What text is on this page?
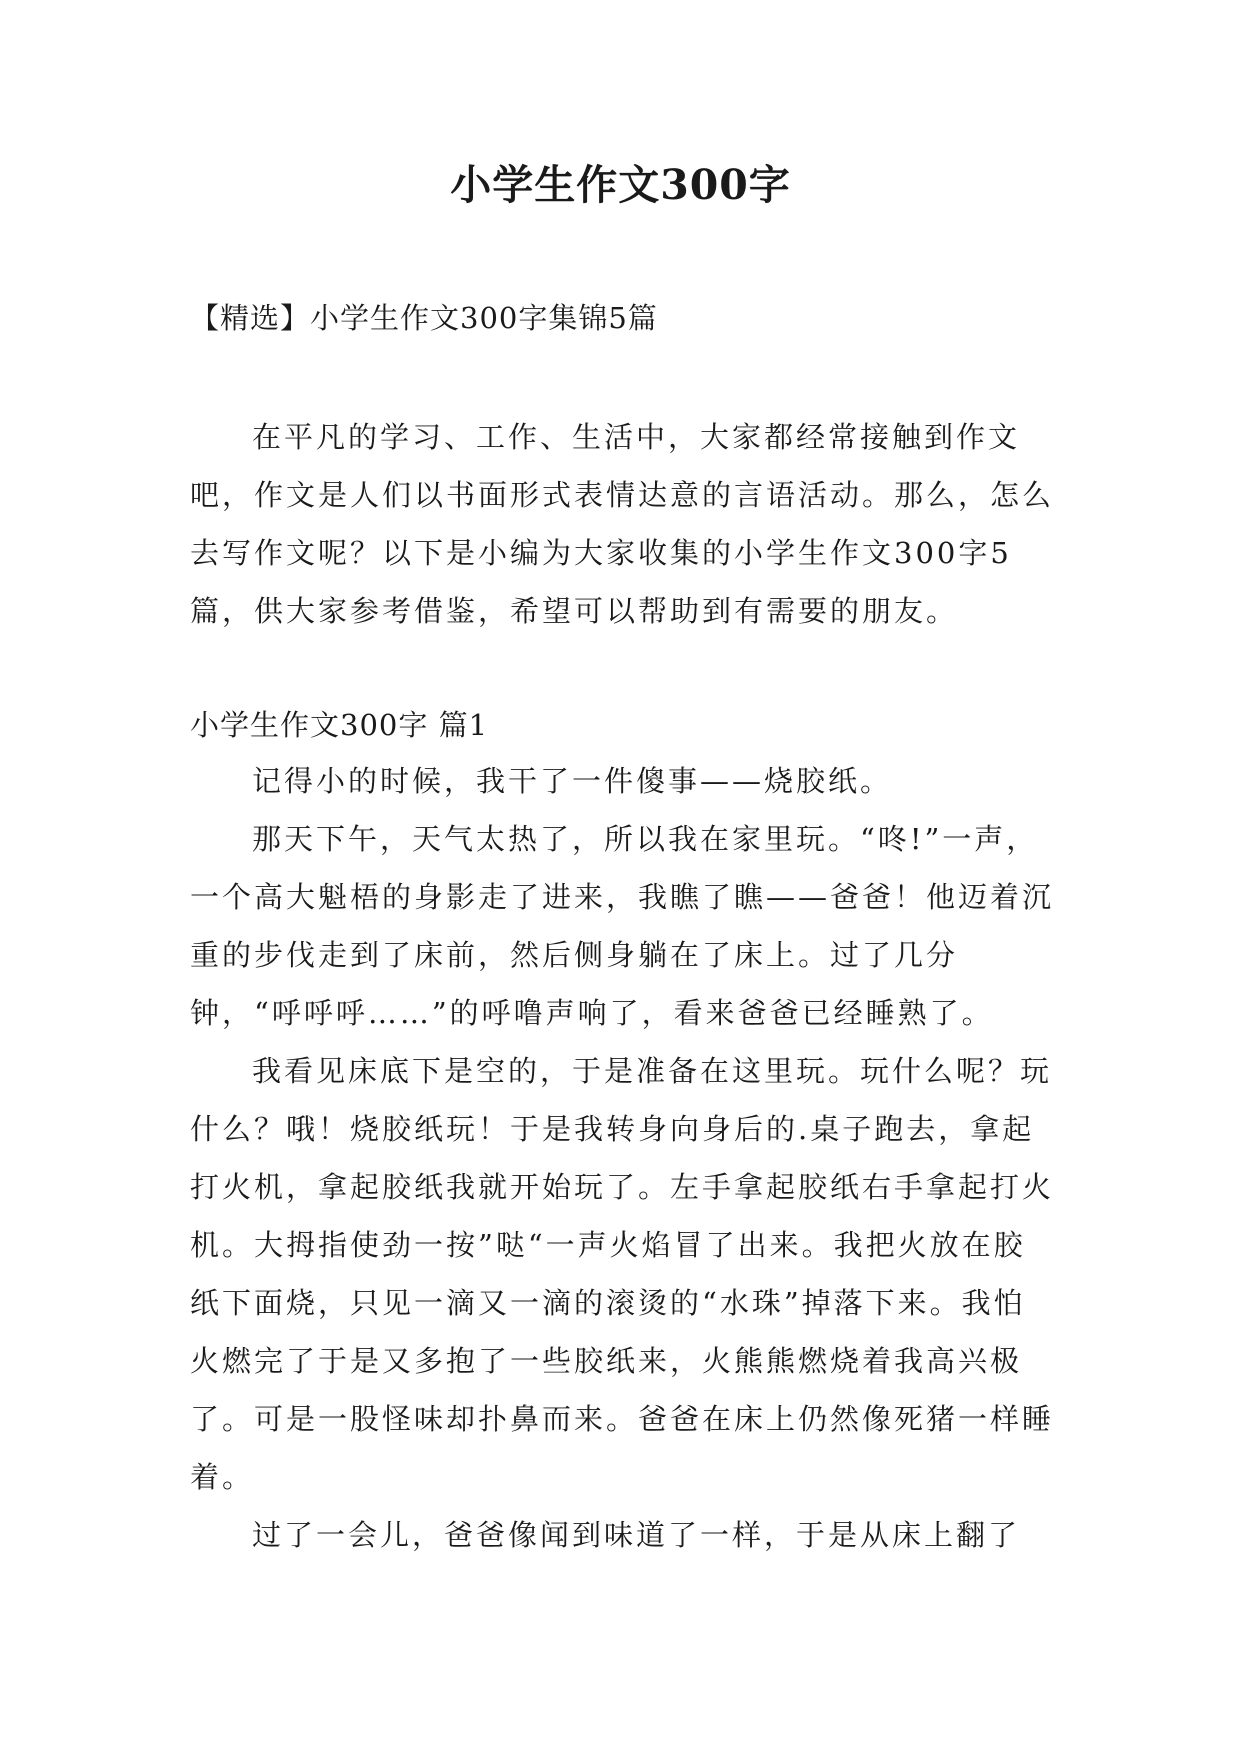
小学生作文300字

【精选】小学生作文300字集锦5篇

在平凡的学习、工作、生活中，大家都经常接触到作文吧，作文是人们以书面形式表情达意的言语活动。那么，怎么去写作文呢？以下是小编为大家收集的小学生作文300字5篇，供大家参考借鉴，希望可以帮助到有需要的朋友。

小学生作文300字 篇1

记得小的时候，我干了一件傻事——烧胶纸。

那天下午，天气太热了，所以我在家里玩。“咚!”一声，一个高大魁梧的身影走了进来，我瞧了瞧——爸爸！他迈着沉重的步伐走到了床前，然后侧身躺在了床上。过了几分钟，“呼呼呼……”的呼噜声响了，看来爸爸已经睡熟了。

我看见床底下是空的，于是准备在这里玩。玩什么呢？玩什么？哦！烧胶纸玩！于是我转身向身后的.桌子跑去，拿起打火机，拿起胶纸我就开始玩了。左手拿起胶纸右手拿起打火机。大拇指使劲一按”哒“一声火焰冒了出来。我把火放在胶纸下面烧，只见一滴又一滴的滚烫的“水珠”掉落下来。我怕火燃完了于是又多抱了一些胶纸来，火熊熊燃烧着我高兴极了。可是一股怪味却扑鼻而来。爸爸在床上仍然像死猪一样睡着。

过了一会儿，爸爸像闻到味道了一样，于是从床上翻了
